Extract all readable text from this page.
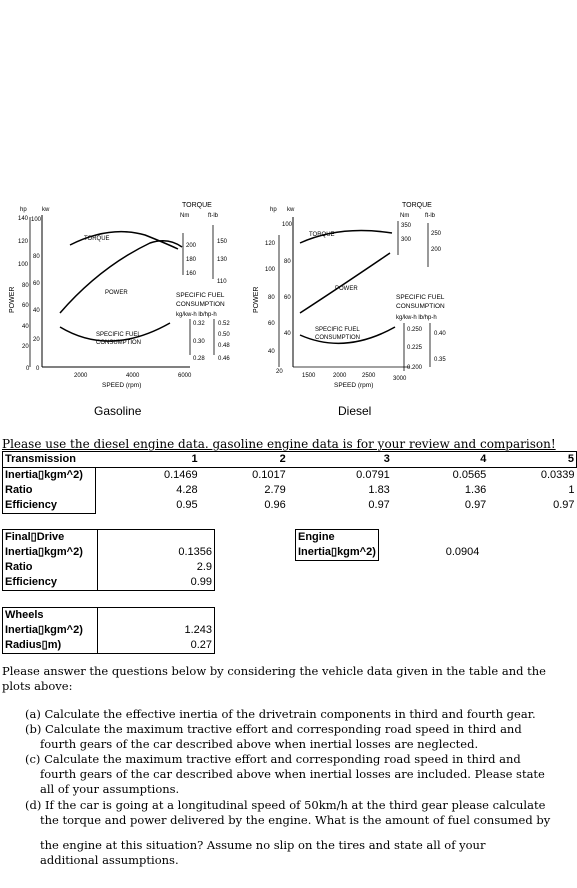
hp	kw
POWER
140
120
100
80
60
40
20
0
100
80
60
40
20
0
2000	4000	6000
SPEED (rpm)
TORQUE
POWER
SPECIFIC FUEL
CONSUMPTION
TORQUE
Nm	ft-lb
200
180
160
150
130
110
SPECIFIC FUEL
CONSUMPTION
kg/kw-h lb/hp-h
0.32
0.30
0.28
0.52
0.50
0.48
0.46
Gasoline
hp kw
POWER
120
100
80
60
40
20
100
80
60
40
1500	2000	2500	3000
SPEED (rpm)
TORQUE
POWER
SPECIFIC FUEL
CONSUMPTION
TORQUE
Nm	ft-lb
350
300
250
200
SPECIFIC FUEL
CONSUMPTION
kg/kw-h lb/hp-h
0.250
0.225
0.200
0.40
0.35
Diesel
Please use the diesel engine data. gasoline engine data is for your review and comparison!
Transmission	1	2	3	4	5
Inertia▯kgm^2)	0.1469	0.1017	0.0791	0.0565	0.0339
Ratio	4.28	2.79	1.83	1.36	1
Efficiency	0.95	0.96	0.97	0.97	0.97
Final▯Drive	
Inertia▯kgm^2)	0.1356
Ratio	2.9
Efficiency	0.99
Engine	
Inertia▯kgm^2)	0.0904
Wheels	
Inertia▯kgm^2)	1.243
Radius▯m)	0.27
Please answer the questions below by considering the vehicle data given in the table and the plots above:
(a) Calculate the effective inertia of the drivetrain components in third and fourth gear.
(b) Calculate the maximum tractive effort and corresponding road speed in third and fourth gears of the car described above when inertial losses are neglected.
(c) Calculate the maximum tractive effort and corresponding road speed in third and fourth gears of the car described above when inertial losses are included. Please state all of your assumptions.
(d) If the car is going at a longitudinal speed of 50km/h at the third gear please calculate the torque and power delivered by the engine. What is the amount of fuel consumed by
the engine at this situation? Assume no slip on the tires and state all of your additional assumptions.
